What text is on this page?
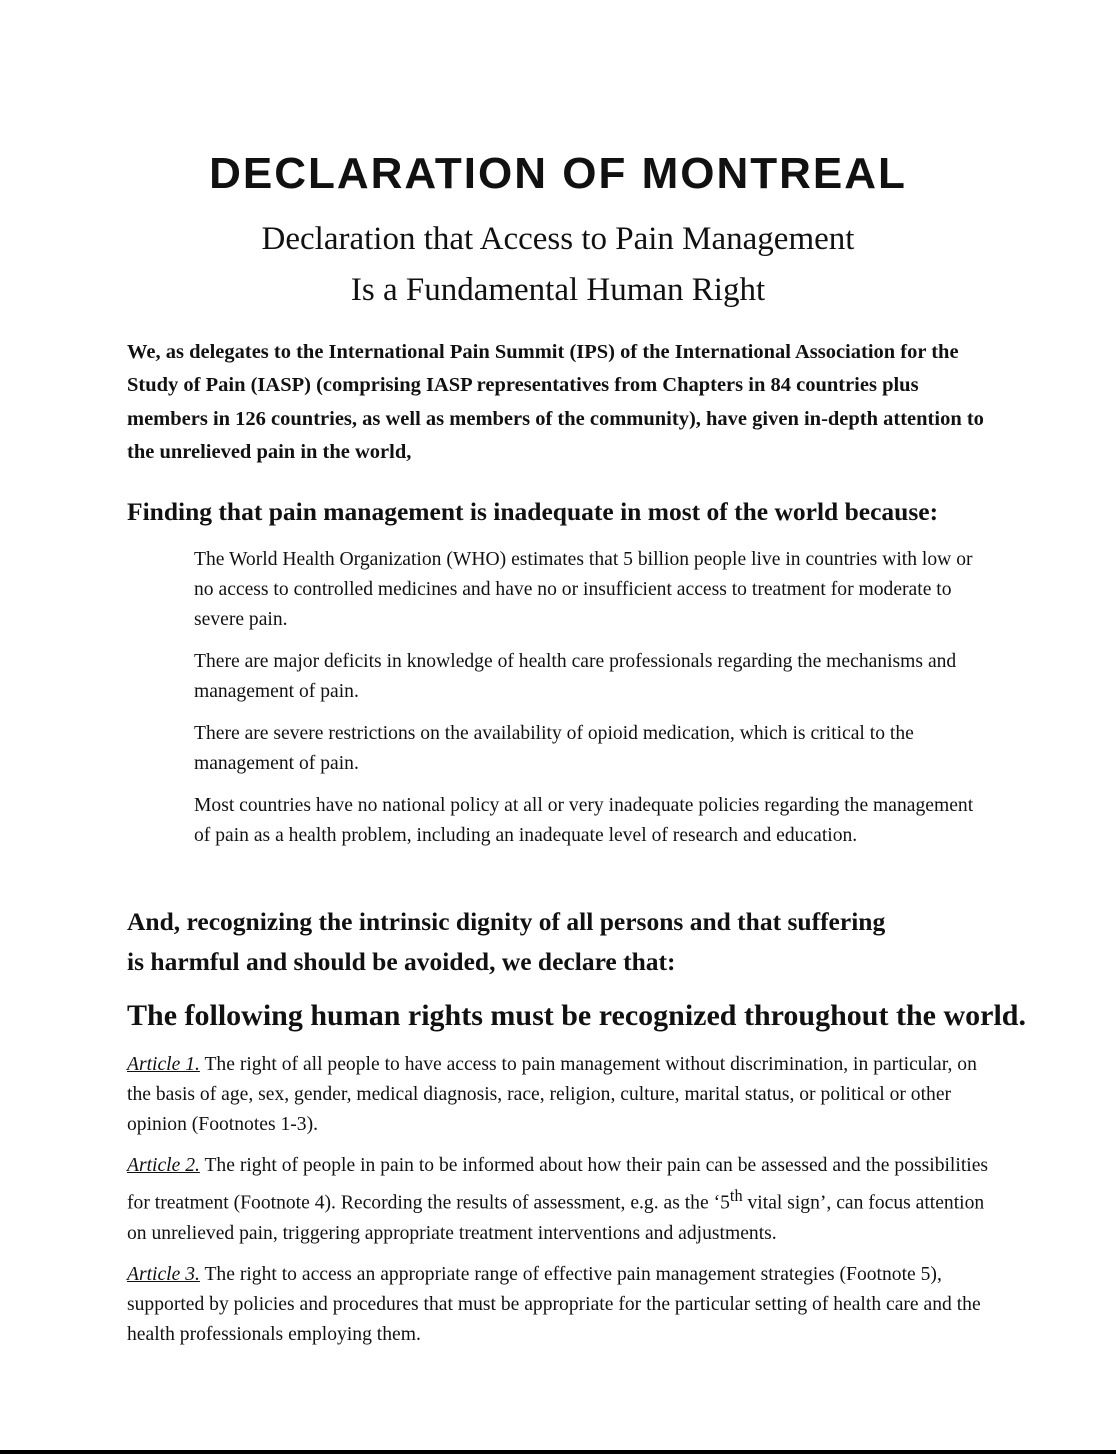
DECLARATION OF MONTREAL
Declaration that Access to Pain Management
Is a Fundamental Human Right

We, as delegates to the International Pain Summit (IPS) of the International Association for the Study of Pain (IASP) (comprising IASP representatives from Chapters in 84 countries plus members in 126 countries, as well as members of the community), have given in-depth attention to the unrelieved pain in the world,

Finding that pain management is inadequate in most of the world because:
The World Health Organization (WHO) estimates that 5 billion people live in countries with low or no access to controlled medicines and have no or insufficient access to treatment for moderate to severe pain.
There are major deficits in knowledge of health care professionals regarding the mechanisms and management of pain.
There are severe restrictions on the availability of opioid medication, which is critical to the management of pain.
Most countries have no national policy at all or very inadequate policies regarding the management of pain as a health problem, including an inadequate level of research and education.
And, recognizing the intrinsic dignity of all persons and that suffering
is harmful and should be avoided, we declare that:
The following human rights must be recognized throughout the world.

Article 1. The right of all people to have access to pain management without discrimination, in particular, on the basis of age, sex, gender, medical diagnosis, race, religion, culture, marital status, or political or other opinion (Footnotes 1-3).

Article 2. The right of people in pain to be informed about how their pain can be assessed and the possibilities for treatment (Footnote 4). Recording the results of assessment, e.g. as the ‘5th vital sign’, can focus attention on unrelieved pain, triggering appropriate treatment interventions and adjustments.

Article 3. The right to access an appropriate range of effective pain management strategies (Footnote 5), supported by policies and procedures that must be appropriate for the particular setting of health care and the health professionals employing them.
